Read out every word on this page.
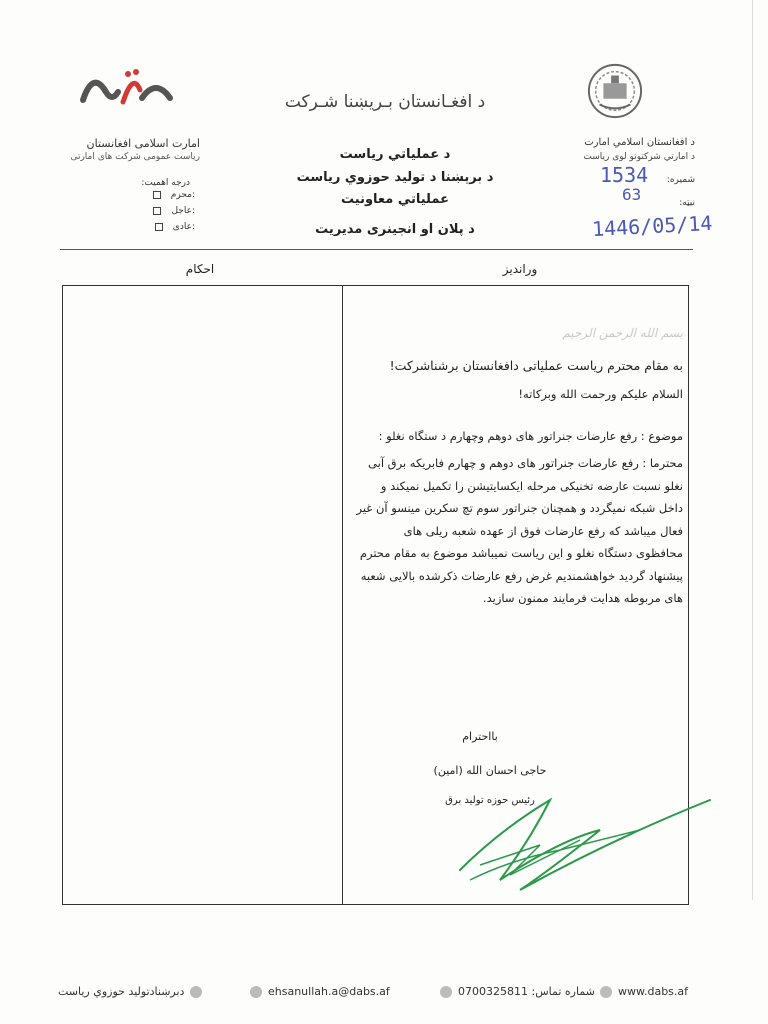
د افغـانستان بـريښنا شـرکت
امارت اسلامی افغانستان
ریاست عمومی شرکت های امارتی
درجه اهمیت:
محرم:
عاجل:
عادی:
د عملیاتي ریاست
د برېښنا د تولید حوزوي ریاست
عملیاتي معاونیت
د پلان او انجینری مدیریت
د افغانستان اسلامي امارت
د امارتي شرکتونو لوی ریاست
شمیره:
1534
63	نیټه:
1446/05/14
وراندیز
احکام
بسم الله الرحمن الرحیم
به مقام محترم ریاست عملیاتی دافغانستان برشناشرکت!
السلام علیکم ورحمت الله وبرکاته!
موضوع : رفع عارضات جنراتور های دوهم وچهارم د ستگاه نغلو :
محترما : رفع عارضات جنراتور های دوهم و چهارم فابریکه برق آبی نغلو نسبت عارضه تخنیکی مرحله ایکسایتیشن را تکمیل نمیکند و داخل شبکه نمیگردد و همچنان جنراتور سوم تچ سکرین مینسو آن غیر فعال میباشد که رفع عارضات فوق از عهده شعبه ریلی های محافظوی دستگاه نغلو و این ریاست نمیباشد موضوع به مقام محترم پیشنهاد گردید خواهشمندیم غرض رفع عارضات ذکرشده بالایی شعبه های مربوطه هدایت فرمایند ممنون سازید.
بااحترام
حاجی احسان الله (امین)
رئیس حوزه تولید برق
دبرښنادتولید حوزوي ریاست	ehsanullah.a@dabs.af	شماره تماس: 0700325811 www.dabs.af
